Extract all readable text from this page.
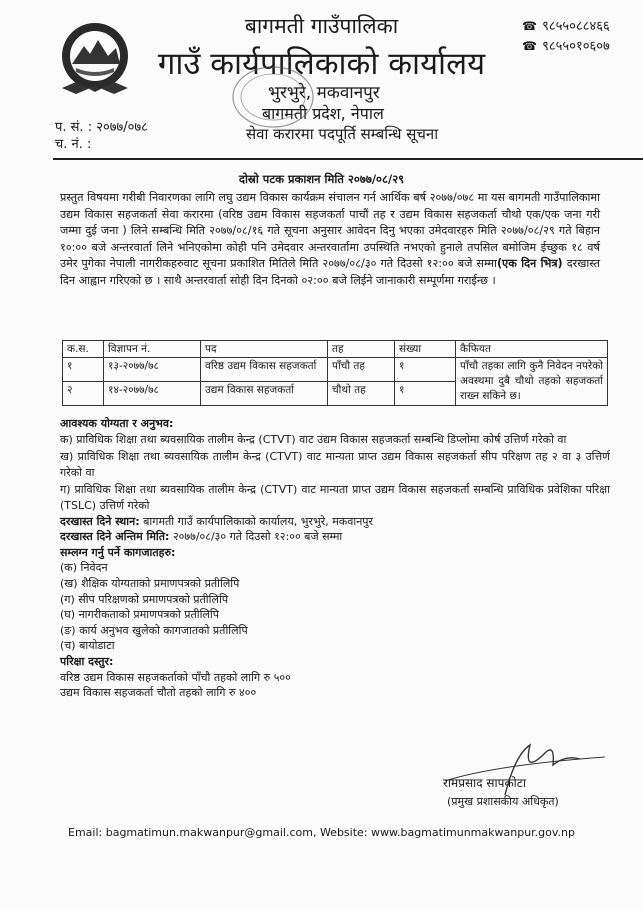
बागमती गाउँपालिका
गाउँ कार्यपालिकाको कार्यालय
भुरभुरे, मकवानपुर
बागमती प्रदेश, नेपाल
सेवा करारमा पदपूर्ति सम्बन्धि सूचना
☎ ९८५५०८८४६६
☎ ९८५५०१०६०७
प. सं. : २०७७/०७८
च. नं. :
दोस्रो पटक प्रकाशन मिति २०७७/०८/२९
प्रस्तुत विषयमा गरीबी निवारणका लागि लघु उद्यम विकास कार्यक्रम संचालन गर्न आर्थिक बर्ष २०७७/०७८ मा यस बागमती गाउँपालिकामा उद्यम विकास सहजकर्ता सेवा करारमा (वरिष्ठ उद्यम विकास सहजकर्ता पाचौं तह र उद्यम विकास सहजकर्ता चौथो एक/एक जना गरी जम्मा दुई जना ) लिने सम्बन्धि मिति २०७७/०८/१६ गते सूचना अनुसार आवेदन दिनु भएका उमेदवारहरु मिति २०७७/०८/२९ गते बिहान १०:०० बजे अन्तरवार्ता लिने भनिएकोमा कोही पनि उमेदवार अन्तरवार्तामा उपस्थिति नभएको हुनाले तपसिल बमोजिम ईच्छुक १८ वर्ष उमेर पुगेका नेपाली नागरीकहरुवाट सूचना प्रकाशित मितिले मिति २०७७/०८/३० गते दिउसो १२:०० बजे सम्मा(एक दिन भित्र) दरखास्त दिन आह्वान गरिएको छ । साथै अन्तरवार्ता सोही दिन दिनको ०२:०० बजे लिईने जानाकारी सम्पूर्णमा गराईन्छ ।
क.स.	विज्ञापन नं.	पद	तह	संख्या	कैफियत
१	१३-२०७७/७८	वरिष्ठ उद्यम विकास सहजकर्ता	पाँचौ तह	१	पाँचौ तहका लागि कुनै निवेदन नपरेको अवस्थमा दुबै चौथो तहको सहजकर्ता राख्न सकिने छ।
२	१४-२०७७/७८	उद्यम विकास सहजकर्ता	चौथो तह	१	
आवश्यक योग्यता र अनुभव:
क) प्राविधिक शिक्षा तथा ब्यवसायिक तालीम केन्द्र (CTVT) वाट उद्यम विकास सहजकर्ता सम्बन्धि डिप्लोमा कोर्ष उत्तिर्ण गरेको वा
ख) प्राविधिक शिक्षा तथा ब्यवसायिक तालीम केन्द्र (CTVT) वाट मान्यता प्राप्त उद्यम विकास सहजकर्ता सीप परिक्षण तह २ वा ३ उत्तिर्ण गरेको वा
ग) प्राविधिक शिक्षा तथा ब्यवसायिक तालीम केन्द्र (CTVT) वाट मान्यता प्राप्त उद्यम विकास सहजकर्ता सम्बन्धि प्राविधिक प्रवेशिका परिक्षा (TSLC) उत्तिर्ण गरेको
दरखास्त दिने स्थान: बागमती गाउँ कार्यपालिकाको कार्यालय, भुरभुरे, मकवानपुर
दरखास्त दिने अन्तिम मिति: २०७७/०८/३० गते दिउसो १२:०० बजे सम्मा
सम्लग्न गर्नु पर्ने कागजातहरु:
(क) निवेदन
(ख) शैक्षिक योग्यताको प्रमाणपत्रको प्रतीलिपि
(ग) सीप परिक्षणको प्रमाणपत्रको प्रतीलिपि
(घ) नागरीकताको प्रमाणपत्रको प्रतीलिपि
(ङ) कार्य अनुभव खुलेको कागजातको प्रतीलिपि
(च) बायोडाटा
परिक्षा दस्तुर:
वरिष्ठ उद्यम विकास सहजकर्ताको पाँचौ तहको लागि रु ५००
उद्यम विकास सहजकर्ता चौतो तहको लागि रु ४००
रामप्रसाद सापकोटा
(प्रमुख प्रशासकीय अधिकृत)
Email: bagmatimun.makwanpur@gmail.com, Website: www.bagmatimunmakwanpur.gov.np
